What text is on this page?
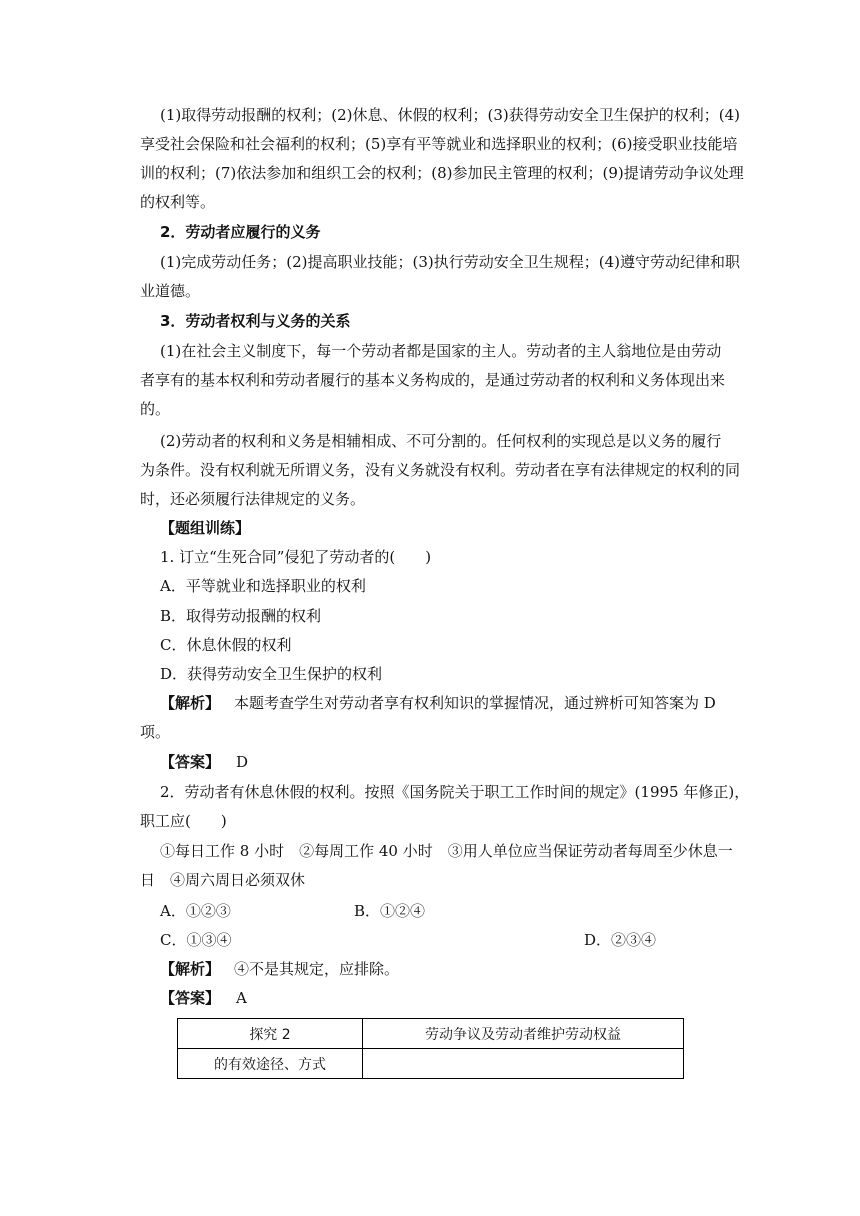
(1)取得劳动报酬的权利；(2)休息、休假的权利；(3)获得劳动安全卫生保护的权利；(4)

享受社会保险和社会福利的权利；(5)享有平等就业和选择职业的权利；(6)接受职业技能培

训的权利；(7)依法参加和组织工会的权利；(8)参加民主管理的权利；(9)提请劳动争议处理

的权利等。

2．劳动者应履行的义务

(1)完成劳动任务；(2)提高职业技能；(3)执行劳动安全卫生规程；(4)遵守劳动纪律和职

业道德。

3．劳动者权利与义务的关系

(1)在社会主义制度下，每一个劳动者都是国家的主人。劳动者的主人翁地位是由劳动

者享有的基本权利和劳动者履行的基本义务构成的，是通过劳动者的权利和义务体现出来

的。

(2)劳动者的权利和义务是相辅相成、不可分割的。任何权利的实现总是以义务的履行

为条件。没有权利就无所谓义务，没有义务就没有权利。劳动者在享有法律规定的权利的同

时，还必须履行法律规定的义务。

【题组训练】

1. 订立“生死合同”侵犯了劳动者的(　　)

A．平等就业和选择职业的权利

B．取得劳动报酬的权利

C．休息休假的权利

D．获得劳动安全卫生保护的权利

【解析】 本题考查学生对劳动者享有权利知识的掌握情况，通过辨析可知答案为 D

项。

【答案】 D

2．劳动者有休息休假的权利。按照《国务院关于职工工作时间的规定》(1995 年修正)，

职工应(　　)

①每日工作 8 小时　②每周工作 40 小时　③用人单位应当保证劳动者每周至少休息一

日　④周六周日必须双休

A．①②③	B．①②④

C．①③④	D．②③④

【解析】 ④不是其规定，应排除。

【答案】 A

探究 2	劳动争议及劳动者维护劳动权益
的有效途径、方式	
